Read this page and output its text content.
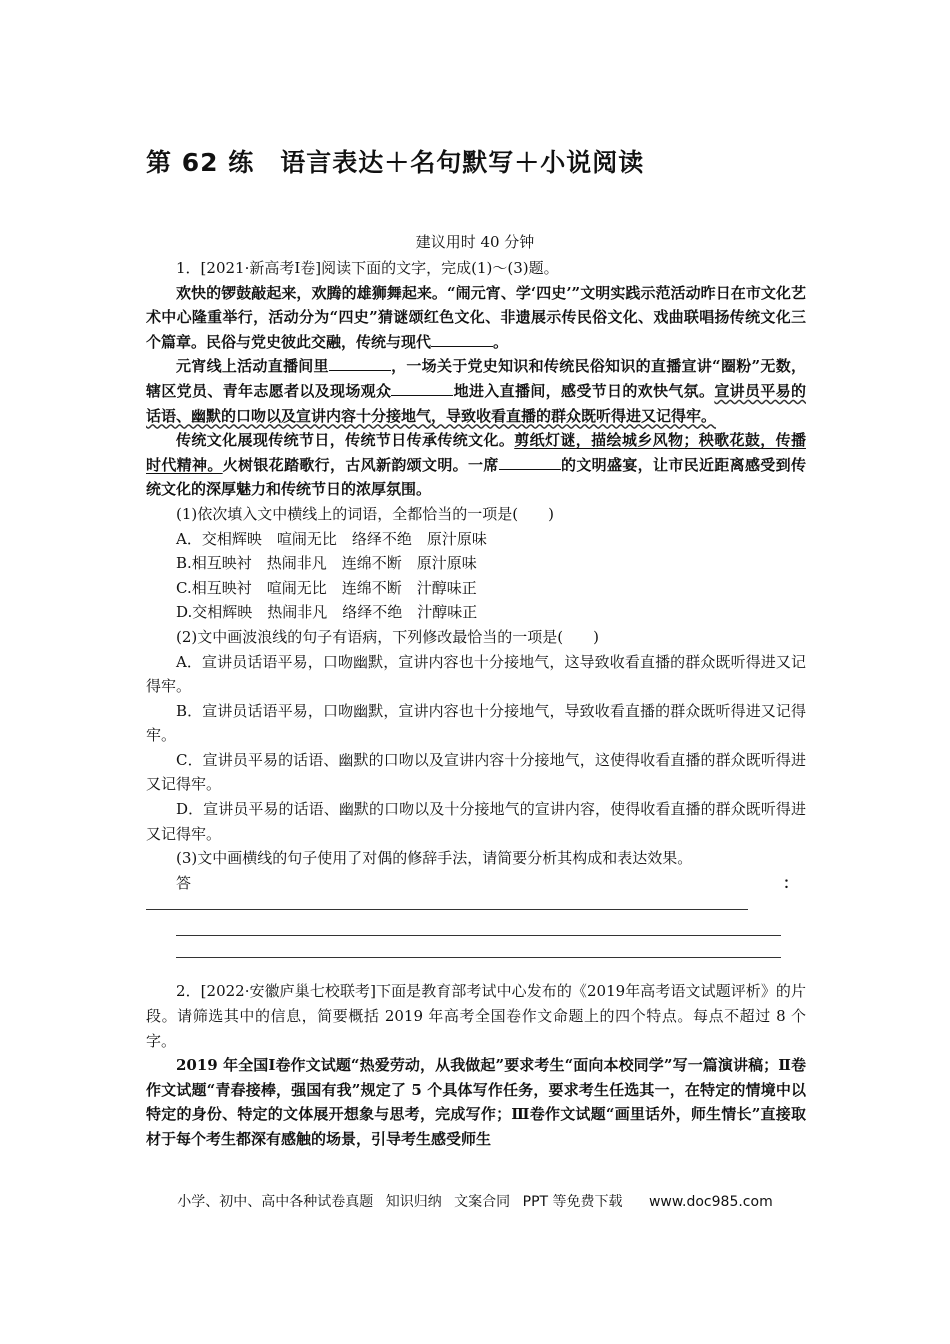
第 62 练　语言表达＋名句默写＋小说阅读
建议用时 40 分钟

1．[2021·新高考Ⅰ卷]阅读下面的文字，完成(1)～(3)题。

欢快的锣鼓敲起来，欢腾的雄狮舞起来。“闹元宵、学‘四史’”文明实践示范活动昨日在市文化艺术中心隆重举行，活动分为“四史”猜谜颂红色文化、非遗展示传民俗文化、戏曲联唱扬传统文化三个篇章。民俗与党史彼此交融，传统与现代	。

元宵线上活动直播间里	，一场关于党史知识和传统民俗知识的直播宣讲“圈粉”无数，辖区党员、青年志愿者以及现场观众	地进入直播间，感受节日的欢快气氛。宣讲员平易的话语、幽默的口吻以及宣讲内容十分接地气，导致收看直播的群众既听得进又记得牢。

传统文化展现传统节日，传统节日传承传统文化。剪纸灯谜，描绘城乡风物；秧歌花鼓，传播时代精神。火树银花踏歌行，古风新韵颂文明。一席	的文明盛宴，让市民近距离感受到传统文化的深厚魅力和传统节日的浓厚氛围。

(1)依次填入文中横线上的词语，全都恰当的一项是(　　)

A．交相辉映　喧闹无比　络绎不绝　原汁原味

B.相互映衬　热闹非凡　连绵不断　原汁原味

C.相互映衬　喧闹无比　连绵不断　汁醇味正

D.交相辉映　热闹非凡　络绎不绝　汁醇味正

(2)文中画波浪线的句子有语病，下列修改最恰当的一项是(　　)

A．宣讲员话语平易，口吻幽默，宣讲内容也十分接地气，这导致收看直播的群众既听得进又记得牢。

B．宣讲员话语平易，口吻幽默，宣讲内容也十分接地气，导致收看直播的群众既听得进又记得牢。

C．宣讲员平易的话语、幽默的口吻以及宣讲内容十分接地气，这使得收看直播的群众既听得进又记得牢。

D．宣讲员平易的话语、幽默的口吻以及十分接地气的宣讲内容，使得收看直播的群众既听得进又记得牢。

(3)文中画横线的句子使用了对偶的修辞手法，请简要分析其构成和表达效果。

答	：

2．[2022·安徽庐巢七校联考]下面是教育部考试中心发布的《2019年高考语文试题评析》的片段。请筛选其中的信息，简要概括 2019 年高考全国卷作文命题上的四个特点。每点不超过 8 个字。

2019 年全国Ⅰ卷作文试题“热爱劳动，从我做起”要求考生“面向本校同学”写一篇演讲稿；Ⅱ卷作文试题“青春接棒，强国有我”规定了 5 个具体写作任务，要求考生任选其一，在特定的情境中以特定的身份、特定的文体展开想象与思考，完成写作；Ⅲ卷作文试题“画里话外，师生情长”直接取材于每个考生都深有感触的场景，引导考生感受师生

小学、初中、高中各种试卷真题 知识归纳 文案合同 PPT 等免费下载 www.doc985.com
